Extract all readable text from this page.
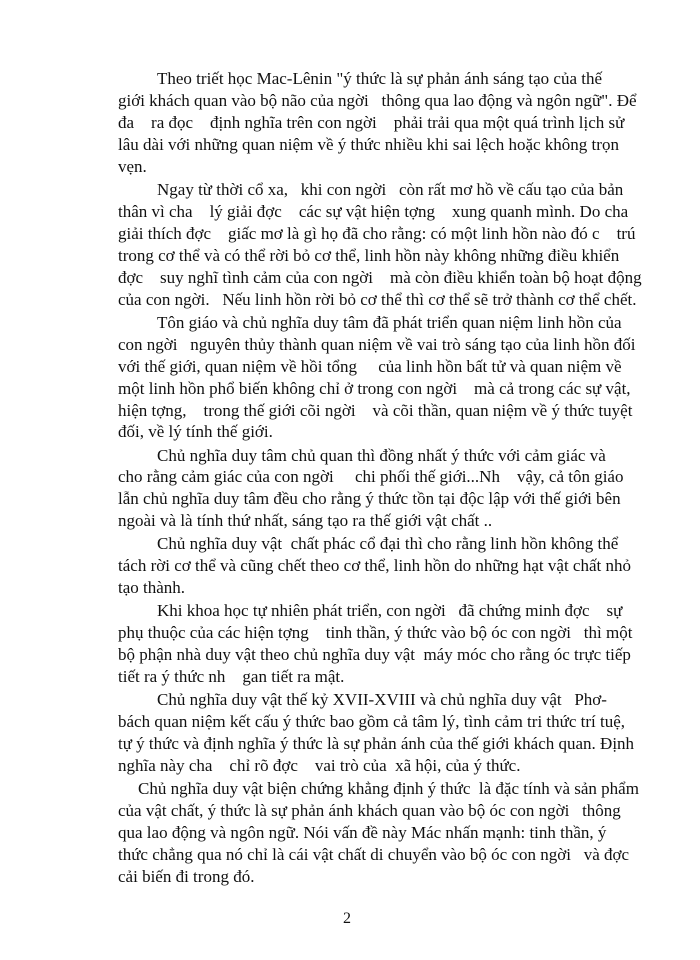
Theo triết học Mac-Lênin "ý thức là sự phản ánh sáng tạo của thế
giới khách quan vào bộ não của ngời   thông qua lao động và ngôn ngữ". Để
đa    ra đọc    định nghĩa trên con ngời    phải trải qua một quá trình lịch sử
lâu dài với những quan niệm về ý thức nhiều khi sai lệch hoặc không trọn
vẹn.
Ngay từ thời cổ xa,   khi con ngời   còn rất mơ hồ về cấu tạo của bản
thân vì cha    lý giải đợc    các sự vật hiện tợng    xung quanh mình. Do cha
giải thích đợc    giấc mơ là gì họ đã cho rằng: có một linh hồn nào đó c    trú
trong cơ thể và có thể rời bỏ cơ thể, linh hồn này không những điều khiển
đợc    suy nghĩ tình cảm của con ngời    mà còn điều khiển toàn bộ hoạt động
của con ngời.   Nếu linh hồn rời bỏ cơ thể thì cơ thể sẽ trở thành cơ thể chết.
Tôn giáo và chủ nghĩa duy tâm đã phát triển quan niệm linh hồn của
con ngời   nguyên thủy thành quan niệm về vai trò sáng tạo của linh hồn đối
với thế giới, quan niệm về hồi tổng     của linh hồn bất tử và quan niệm về
một linh hồn phổ biến không chỉ ở trong con ngời    mà cả trong các sự vật,
hiện tợng,    trong thế giới cõi ngời    và cõi thần, quan niệm về ý thức tuyệt
đối, về lý tính thế giới.
Chủ nghĩa duy tâm chủ quan thì đồng nhất ý thức với cảm giác và
cho rằng cảm giác của con ngời     chi phối thế giới...Nh    vậy, cả tôn giáo
lẫn chủ nghĩa duy tâm đều cho rằng ý thức tồn tại độc lập với thế giới bên
ngoài và là tính thứ nhất, sáng tạo ra thế giới vật chất ..
Chủ nghĩa duy vật  chất phác cổ đại thì cho rằng linh hồn không thể
tách rời cơ thể và cũng chết theo cơ thể, linh hồn do những hạt vật chất nhỏ
tạo thành.
Khi khoa học tự nhiên phát triển, con ngời   đã chứng minh đợc    sự
phụ thuộc của các hiện tợng    tinh thần, ý thức vào bộ óc con ngời   thì một
bộ phận nhà duy vật theo chủ nghĩa duy vật  máy móc cho rằng óc trực tiếp
tiết ra ý thức nh    gan tiết ra mật.
Chủ nghĩa duy vật thế kỷ XVII-XVIII và chủ nghĩa duy vật   Phơ-
bách quan niệm kết cấu ý thức bao gồm cả tâm lý, tình cảm tri thức trí tuệ,
tự ý thức và định nghĩa ý thức là sự phản ánh của thế giới khách quan. Định
nghĩa này cha    chỉ rõ đợc    vai trò của  xã hội, của ý thức.
Chủ nghĩa duy vật biện chứng khẳng định ý thức  là đặc tính và sản phẩm
của vật chất, ý thức là sự phản ánh khách quan vào bộ óc con ngời   thông
qua lao động và ngôn ngữ. Nói vấn đề này Mác nhấn mạnh: tinh thần, ý
thức chẳng qua nó chỉ là cái vật chất di chuyển vào bộ óc con ngời   và đợc
cải biến đi trong đó.
2
